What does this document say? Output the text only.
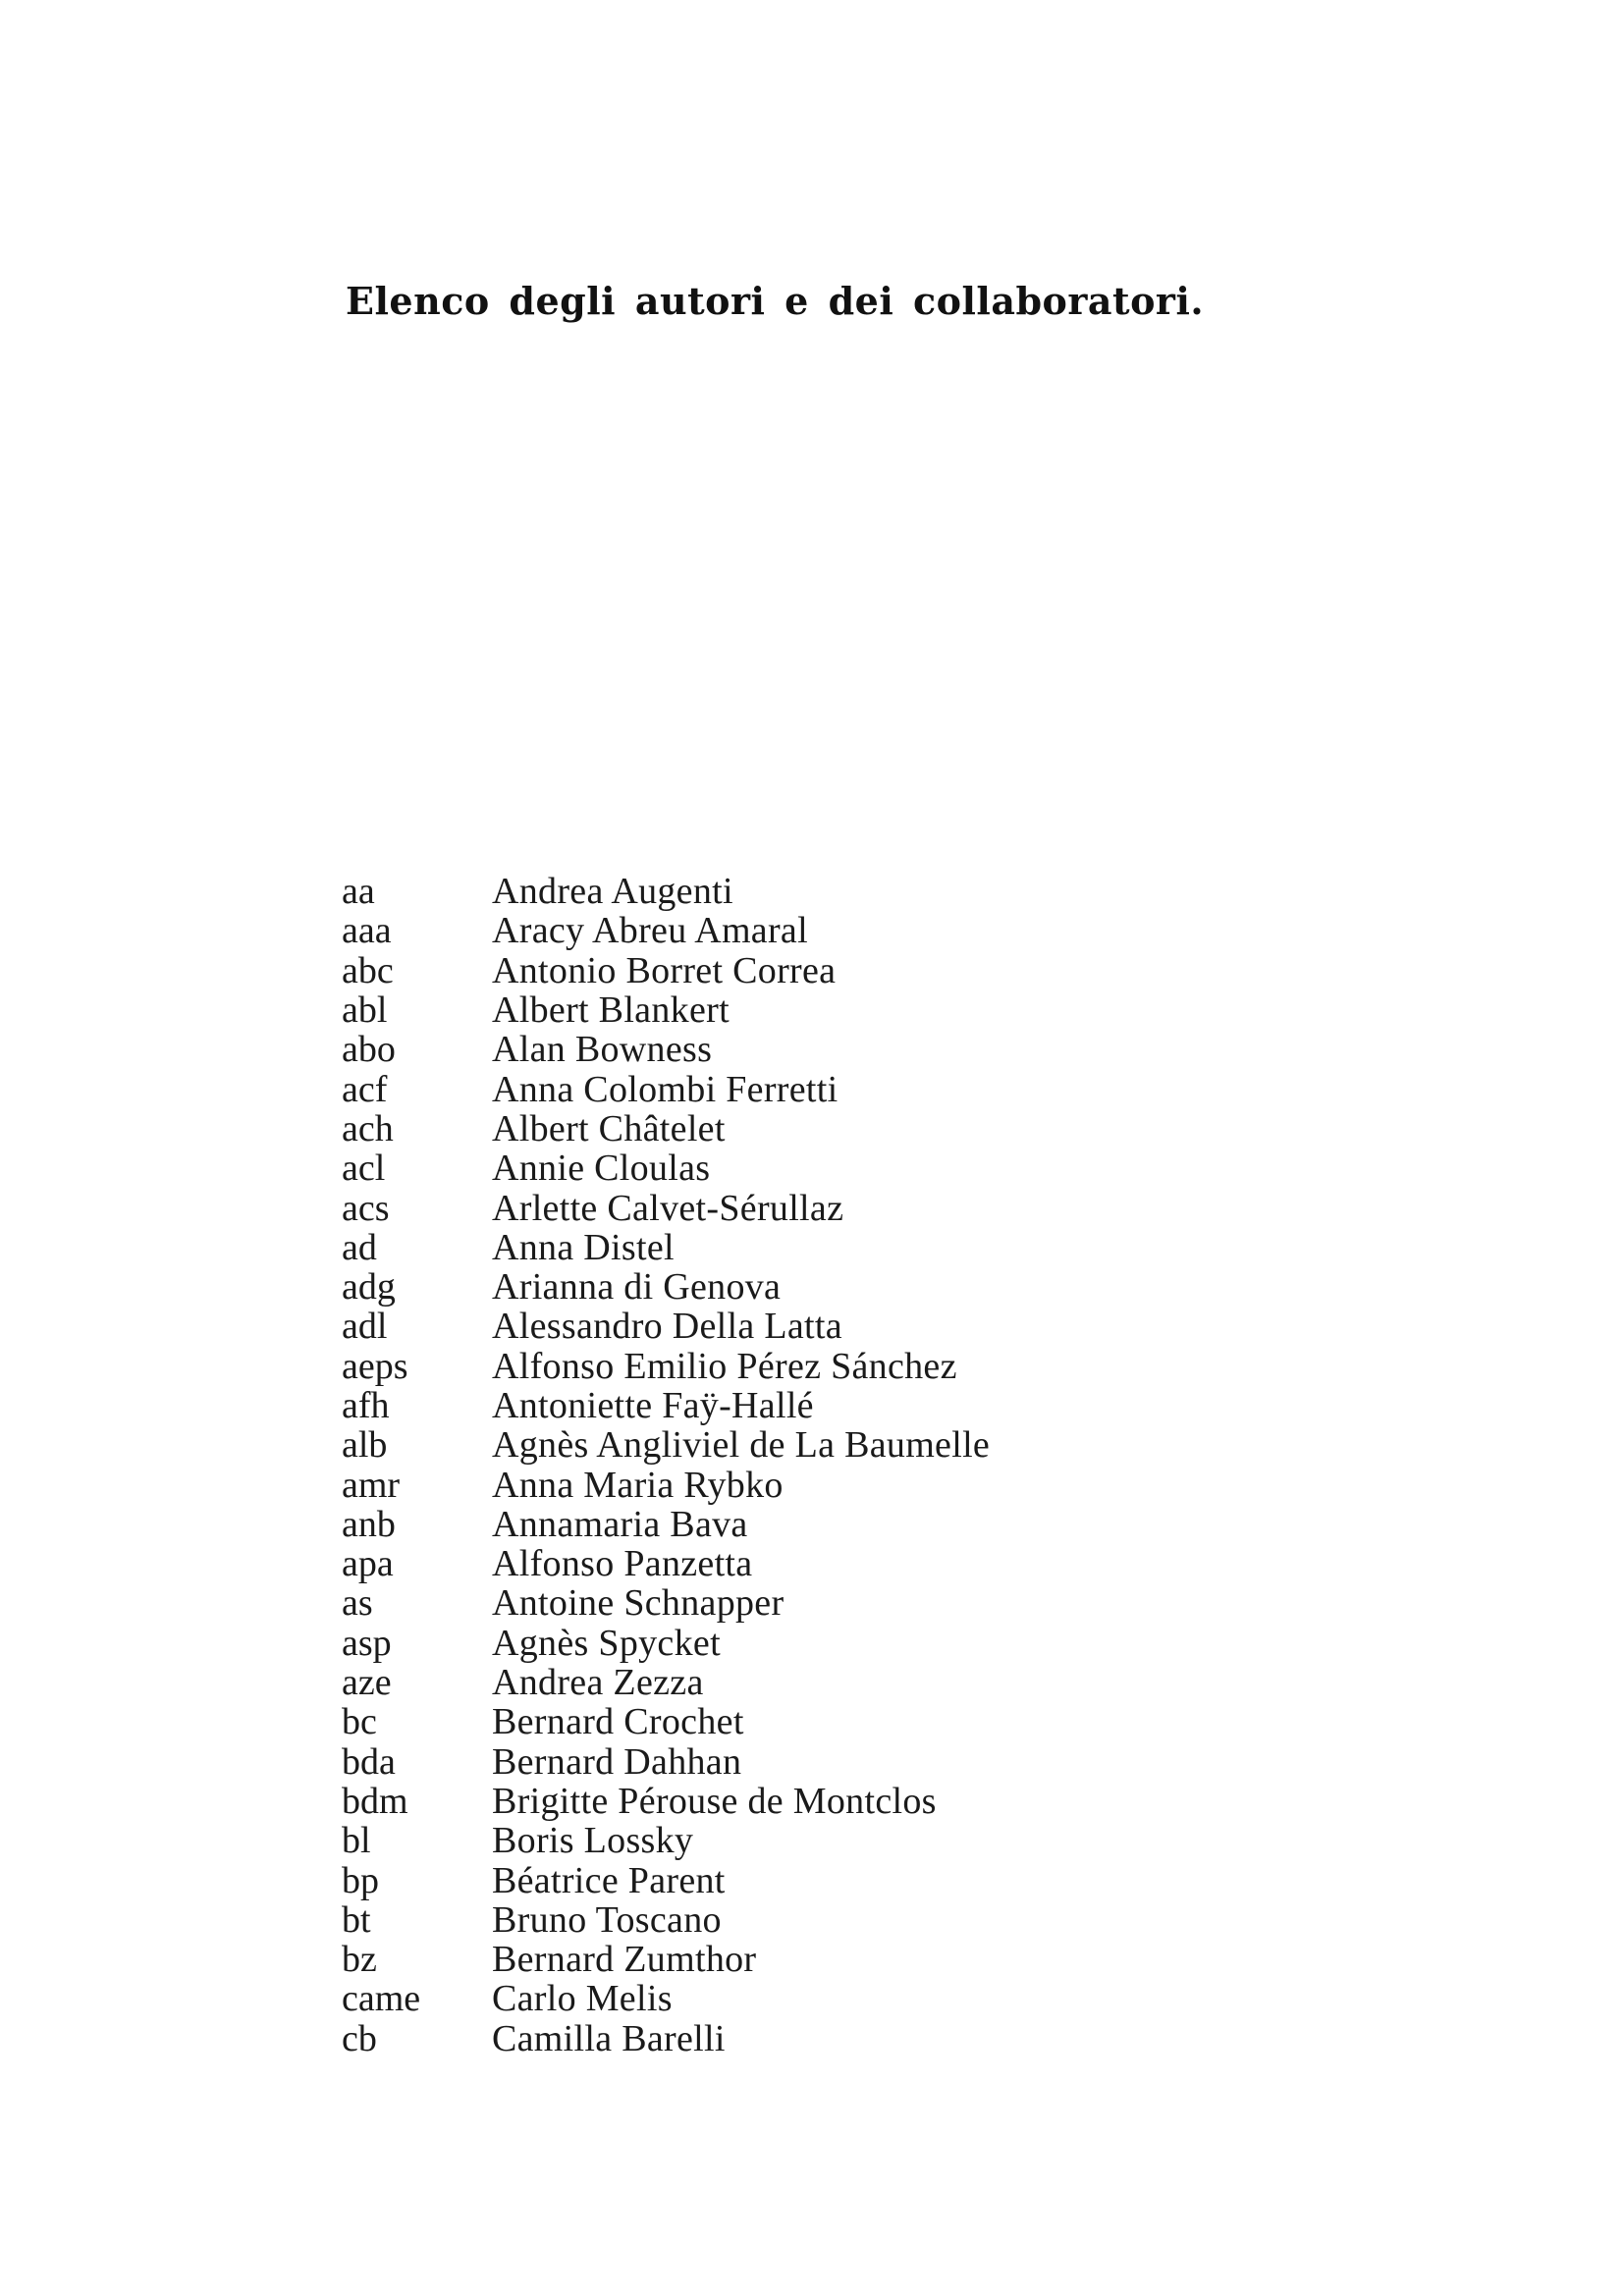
Elenco degli autori e dei collaboratori.
aa	Andrea Augenti
aaa	Aracy Abreu Amaral
abc	Antonio Borret Correa
abl	Albert Blankert
abo	Alan Bowness
acf	Anna Colombi Ferretti
ach	Albert Châtelet
acl	Annie Cloulas
acs	Arlette Calvet-Sérullaz
ad	Anna Distel
adg	Arianna di Genova
adl	Alessandro Della Latta
aeps	Alfonso Emilio Pérez Sánchez
afh	Antoniette Faÿ-Hallé
alb	Agnès Angliviel de La Baumelle
amr	Anna Maria Rybko
anb	Annamaria Bava
apa	Alfonso Panzetta
as	Antoine Schnapper
asp	Agnès Spycket
aze	Andrea Zezza
bc	Bernard Crochet
bda	Bernard Dahhan
bdm	Brigitte Pérouse de Montclos
bl	Boris Lossky
bp	Béatrice Parent
bt	Bruno Toscano
bz	Bernard Zumthor
came	Carlo Melis
cb	Camilla Barelli
